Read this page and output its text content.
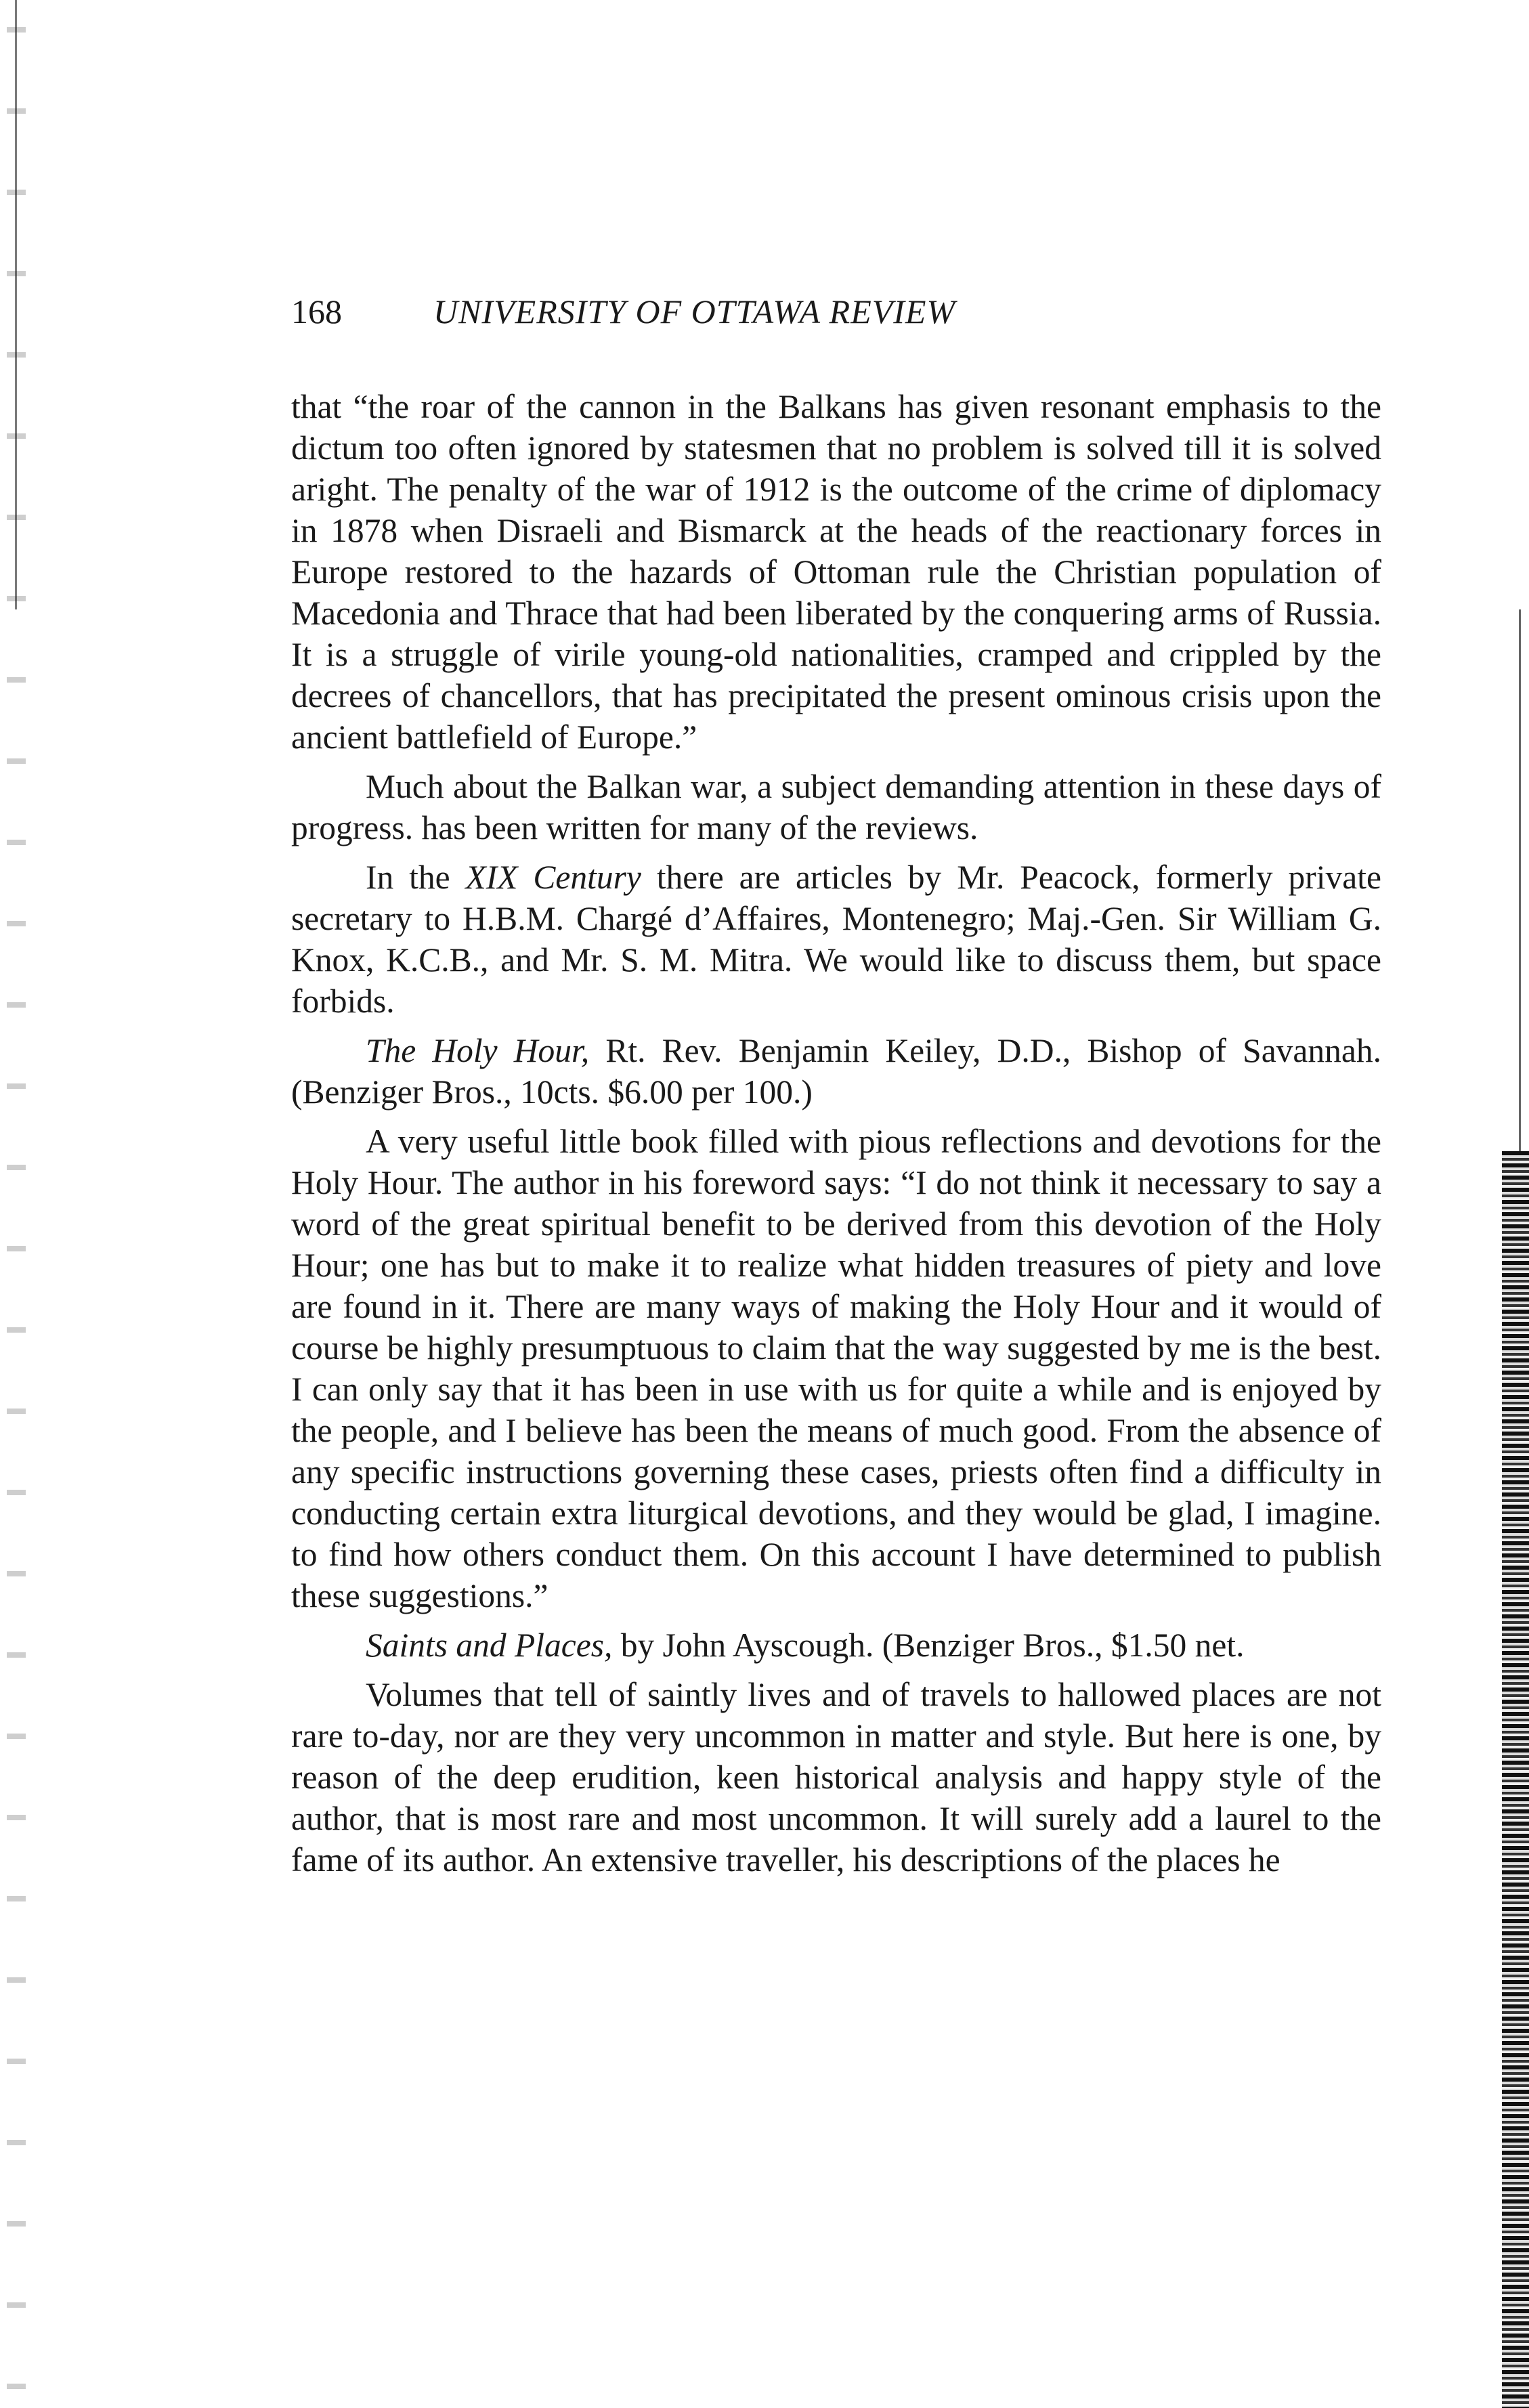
168	UNIVERSITY OF OTTAWA REVIEW

that “the roar of the cannon in the Balkans has given resonant emphasis to the dictum too often ignored by statesmen that no problem is solved till it is solved aright. The penalty of the war of 1912 is the outcome of the crime of diplomacy in 1878 when Disraeli and Bismarck at the heads of the reactionary forces in Europe restored to the hazards of Ottoman rule the Christian population of Macedonia and Thrace that had been liberated by the conquering arms of Russia. It is a struggle of virile young-old nationalities, cramped and crippled by the decrees of chancellors, that has precipitated the present ominous crisis upon the ancient battlefield of Europe.”

Much about the Balkan war, a subject demanding attention in these days of progress. has been written for many of the reviews.

In the XIX Century there are articles by Mr. Peacock, formerly private secretary to H.B.M. Chargé d’Affaires, Montenegro; Maj.-Gen. Sir William G. Knox, K.C.B., and Mr. S. M. Mitra. We would like to discuss them, but space forbids.

The Holy Hour, Rt. Rev. Benjamin Keiley, D.D., Bishop of Savannah. (Benziger Bros., 10cts. $6.00 per 100.)

A very useful little book filled with pious reflections and devotions for the Holy Hour. The author in his foreword says: “I do not think it necessary to say a word of the great spiritual benefit to be derived from this devotion of the Holy Hour; one has but to make it to realize what hidden treasures of piety and love are found in it. There are many ways of making the Holy Hour and it would of course be highly presumptuous to claim that the way suggested by me is the best. I can only say that it has been in use with us for quite a while and is enjoyed by the people, and I believe has been the means of much good. From the absence of any specific instructions governing these cases, priests often find a difficulty in conducting certain extra liturgical devotions, and they would be glad, I imagine. to find how others conduct them. On this account I have determined to publish these suggestions.”

Saints and Places, by John Ayscough. (Benziger Bros., $1.50 net.

Volumes that tell of saintly lives and of travels to hallowed places are not rare to-day, nor are they very uncommon in matter and style. But here is one, by reason of the deep erudition, keen historical analysis and happy style of the author, that is most rare and most uncommon. It will surely add a laurel to the fame of its author. An extensive traveller, his descriptions of the places he
